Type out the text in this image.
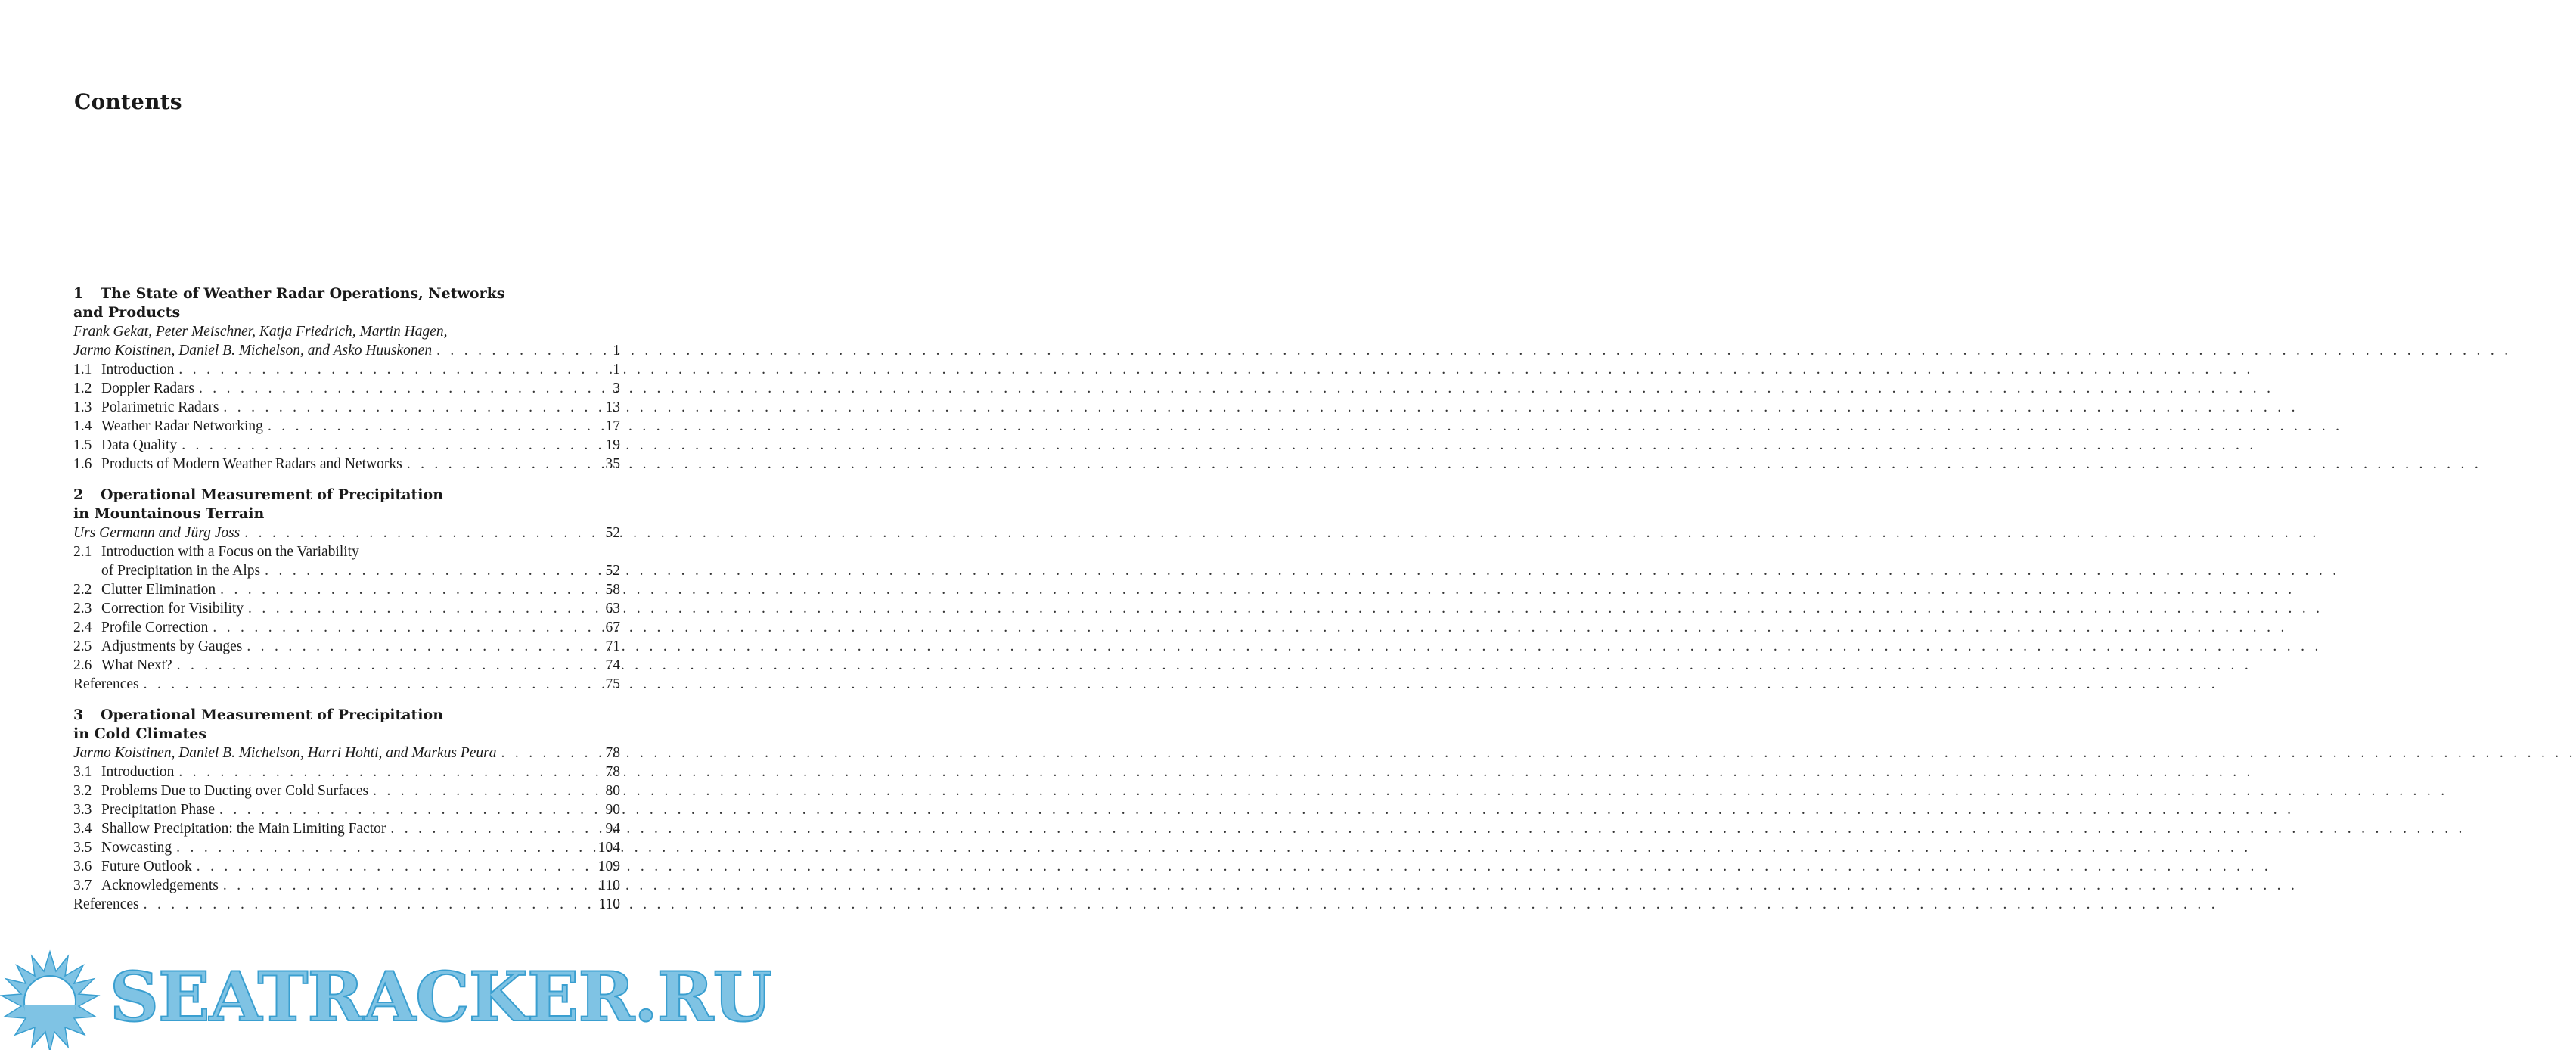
Contents
1 The State of Weather Radar Operations, Networks
and Products
Frank Gekat, Peter Meischner, Katja Friedrich, Martin Hagen,
Jarmo Koistinen, Daniel B. Michelson, and Asko Huuskonen . . .	1
1.1 Introduction . . .	1
1.2 Doppler Radars . . .	3
1.3 Polarimetric Radars . . .	13
1.4 Weather Radar Networking . . .	17
1.5 Data Quality . . .	19
1.6 Products of Modern Weather Radars and Networks . . .	35
2 Operational Measurement of Precipitation
in Mountainous Terrain
Urs Germann and Jürg Joss . . .	52
2.1 Introduction with a Focus on the Variability
of Precipitation in the Alps . . .	52
2.2 Clutter Elimination . . .	58
2.3 Correction for Visibility . . .	63
2.4 Profile Correction . . .	67
2.5 Adjustments by Gauges . . .	71
2.6 What Next? . . .	74
References . . .	75
3 Operational Measurement of Precipitation
in Cold Climates
Jarmo Koistinen, Daniel B. Michelson, Harri Hohti, and Markus Peura . . .	78
3.1 Introduction . . .	78
3.2 Problems Due to Ducting over Cold Surfaces . . .	80
3.3 Precipitation Phase . . .	90
3.4 Shallow Precipitation: the Main Limiting Factor . . .	94
3.5 Nowcasting . . .	104
3.6 Future Outlook . . .	109
3.7 Acknowledgements . . .	110
References . . .	110
SEATRACKER.RU
